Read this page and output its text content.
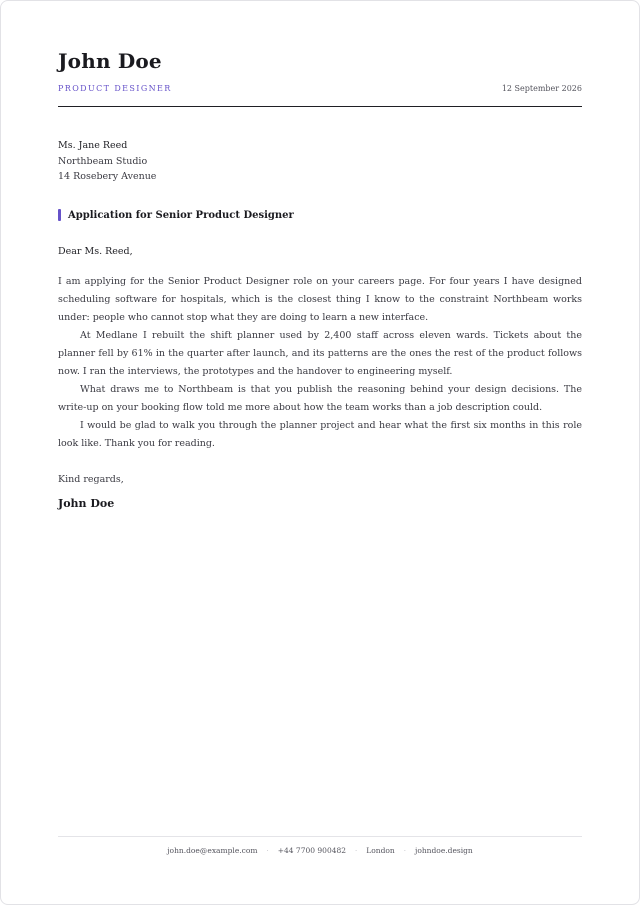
John Doe
PRODUCT DESIGNER	12 September 2026
Ms. Jane Reed
Northbeam Studio
14 Rosebery Avenue
Application for Senior Product Designer
Dear Ms. Reed,

I am applying for the Senior Product Designer role on your careers page. For four years I have designed scheduling software for hospitals, which is the closest thing I know to the constraint Northbeam works under: people who cannot stop what they are doing to learn a new interface.

At Medlane I rebuilt the shift planner used by 2,400 staff across eleven wards. Tickets about the planner fell by 61% in the quarter after launch, and its patterns are the ones the rest of the product follows now. I ran the interviews, the prototypes and the handover to engineering myself.

What draws me to Northbeam is that you publish the reasoning behind your design decisions. The write-up on your booking flow told me more about how the team works than a job description could.

I would be glad to walk you through the planner project and hear what the first six months in this role look like. Thank you for reading.

Kind regards,
John Doe
john.doe@example.com · +44 7700 900482 · London · johndoe.design
